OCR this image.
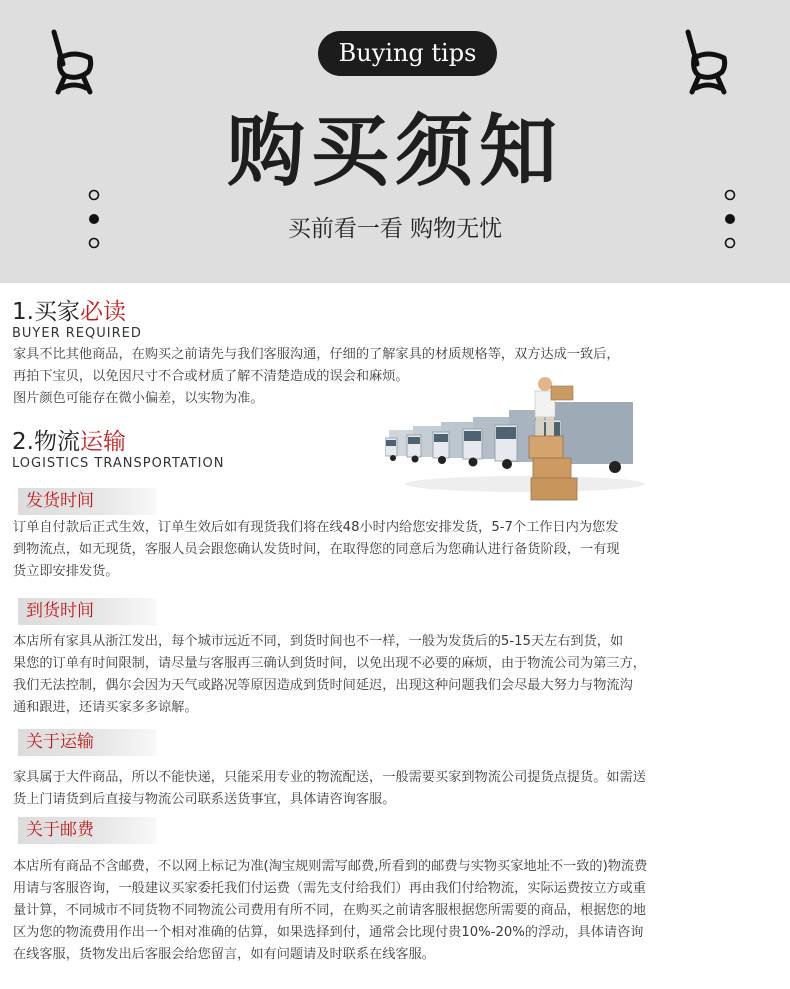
Buying tips
购买须知
买前看一看 购物无忧
1.买家必读
BUYER REQUIRED
家具不比其他商品，在购买之前请先与我们客服沟通，仔细的了解家具的材质规格等，双方达成一致后，
再拍下宝贝，以免因尺寸不合或材质了解不清楚造成的误会和麻烦。
图片颜色可能存在微小偏差，以实物为准。
2.物流运输
LOGISTICS TRANSPORTATION
发货时间
订单自付款后正式生效，订单生效后如有现货我们将在线48小时内给您安排发货，5-7个工作日内为您发
到物流点，如无现货，客服人员会跟您确认发货时间，在取得您的同意后为您确认进行备货阶段，一有现
货立即安排发货。
到货时间
本店所有家具从浙江发出，每个城市远近不同，到货时间也不一样，一般为发货后的5-15天左右到货，如
果您的订单有时间限制，请尽量与客服再三确认到货时间，以免出现不必要的麻烦，由于物流公司为第三方，
我们无法控制，偶尔会因为天气或路况等原因造成到货时间延迟，出现这种问题我们会尽最大努力与物流沟
通和跟进，还请买家多多谅解。
关于运输
家具属于大件商品，所以不能快递，只能采用专业的物流配送，一般需要买家到物流公司提货点提货。如需送
货上门请货到后直接与物流公司联系送货事宜，具体请咨询客服。
关于邮费
本店所有商品不含邮费，不以网上标记为准(淘宝规则需写邮费,所看到的邮费与实物买家地址不一致的)物流费
用请与客服咨询，一般建议买家委托我们付运费（需先支付给我们）再由我们付给物流，实际运费按立方或重
量计算，不同城市不同货物不同物流公司费用有所不同，在购买之前请客服根据您所需要的商品，根据您的地
区为您的物流费用作出一个相对准确的估算，如果选择到付，通常会比现付贵10%-20%的浮动，具体请咨询
在线客服，货物发出后客服会给您留言，如有问题请及时联系在线客服。
